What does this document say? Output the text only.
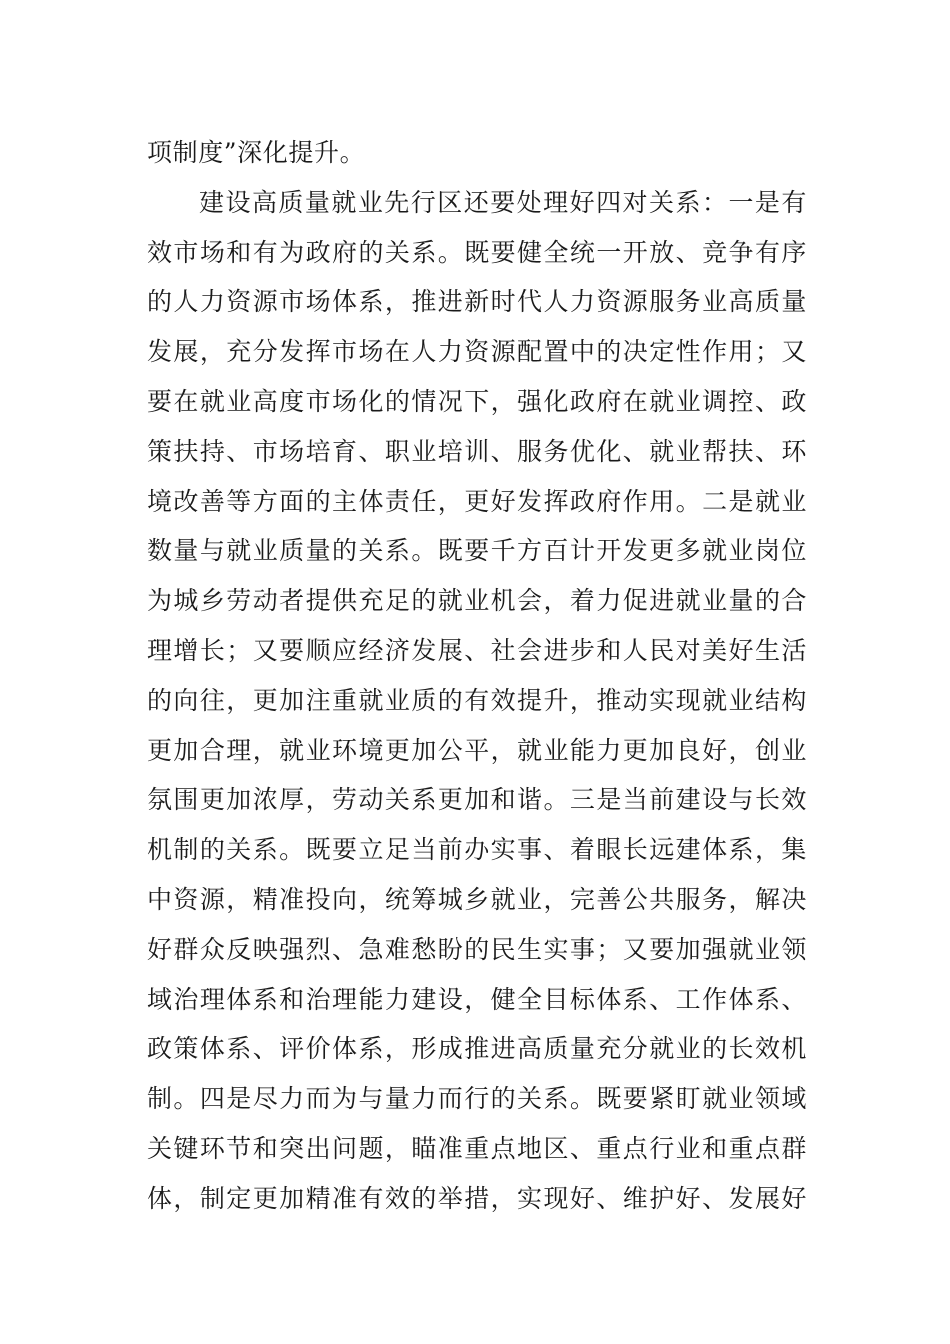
项制度”深化提升。
建设高质量就业先行区还要处理好四对关系：一是有
效市场和有为政府的关系。既要健全统一开放、竞争有序
的人力资源市场体系，推进新时代人力资源服务业高质量
发展，充分发挥市场在人力资源配置中的决定性作用；又
要在就业高度市场化的情况下，强化政府在就业调控、政
策扶持、市场培育、职业培训、服务优化、就业帮扶、环
境改善等方面的主体责任，更好发挥政府作用。二是就业
数量与就业质量的关系。既要千方百计开发更多就业岗位
为城乡劳动者提供充足的就业机会，着力促进就业量的合
理增长；又要顺应经济发展、社会进步和人民对美好生活
的向往，更加注重就业质的有效提升，推动实现就业结构
更加合理，就业环境更加公平，就业能力更加良好，创业
氛围更加浓厚，劳动关系更加和谐。三是当前建设与长效
机制的关系。既要立足当前办实事、着眼长远建体系，集
中资源，精准投向，统筹城乡就业，完善公共服务，解决
好群众反映强烈、急难愁盼的民生实事；又要加强就业领
域治理体系和治理能力建设，健全目标体系、工作体系、
政策体系、评价体系，形成推进高质量充分就业的长效机
制。四是尽力而为与量力而行的关系。既要紧盯就业领域
关键环节和突出问题，瞄准重点地区、重点行业和重点群
体，制定更加精准有效的举措，实现好、维护好、发展好
